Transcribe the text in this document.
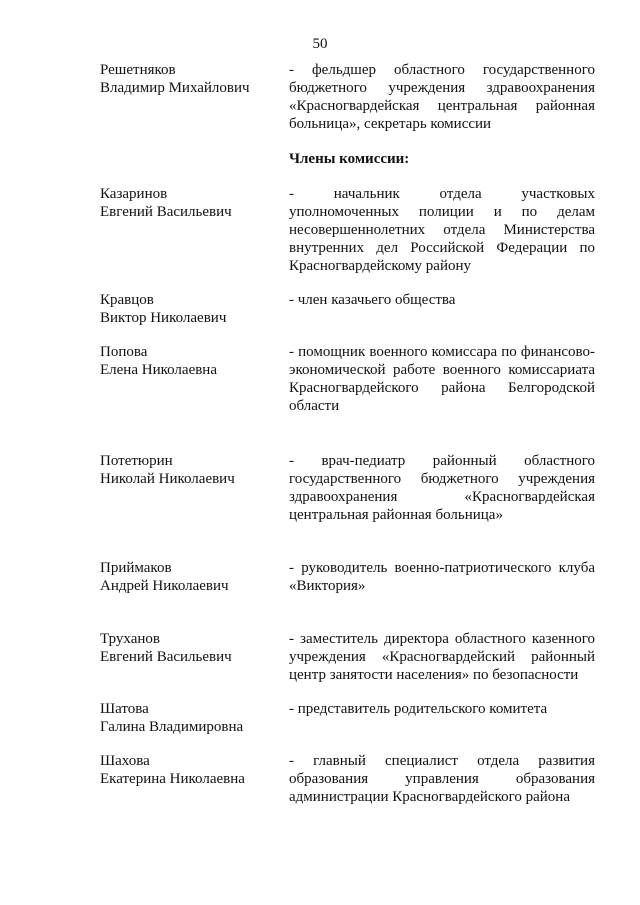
50
Решетняков
Владимир Михайлович
- фельдшер областного государственного бюджетного учреждения здравоохранения «Красногвардейская центральная районная больница», секретарь комиссии
Члены комиссии:
Казаринов
Евгений Васильевич
- начальник отдела участковых уполномоченных полиции и по делам несовершеннолетних отдела Министерства внутренних дел Российской Федерации по Красногвардейскому району
Кравцов
Виктор Николаевич
- член казачьего общества
Попова
Елена Николаевна
- помощник военного комиссара по финансово-экономической работе военного комиссариата Красногвардейского района Белгородской области
Потетюрин
Николай Николаевич
- врач-педиатр районный областного государственного бюджетного учреждения здравоохранения «Красногвардейская центральная районная больница»
Приймаков
Андрей Николаевич
- руководитель военно-патриотического клуба «Виктория»
Труханов
Евгений Васильевич
- заместитель директора областного казенного учреждения «Красногвардейский районный центр занятости населения» по безопасности
Шатова
Галина Владимировна
- представитель родительского комитета
Шахова
Екатерина Николаевна
- главный специалист отдела развития образования управления образования администрации Красногвардейского района
